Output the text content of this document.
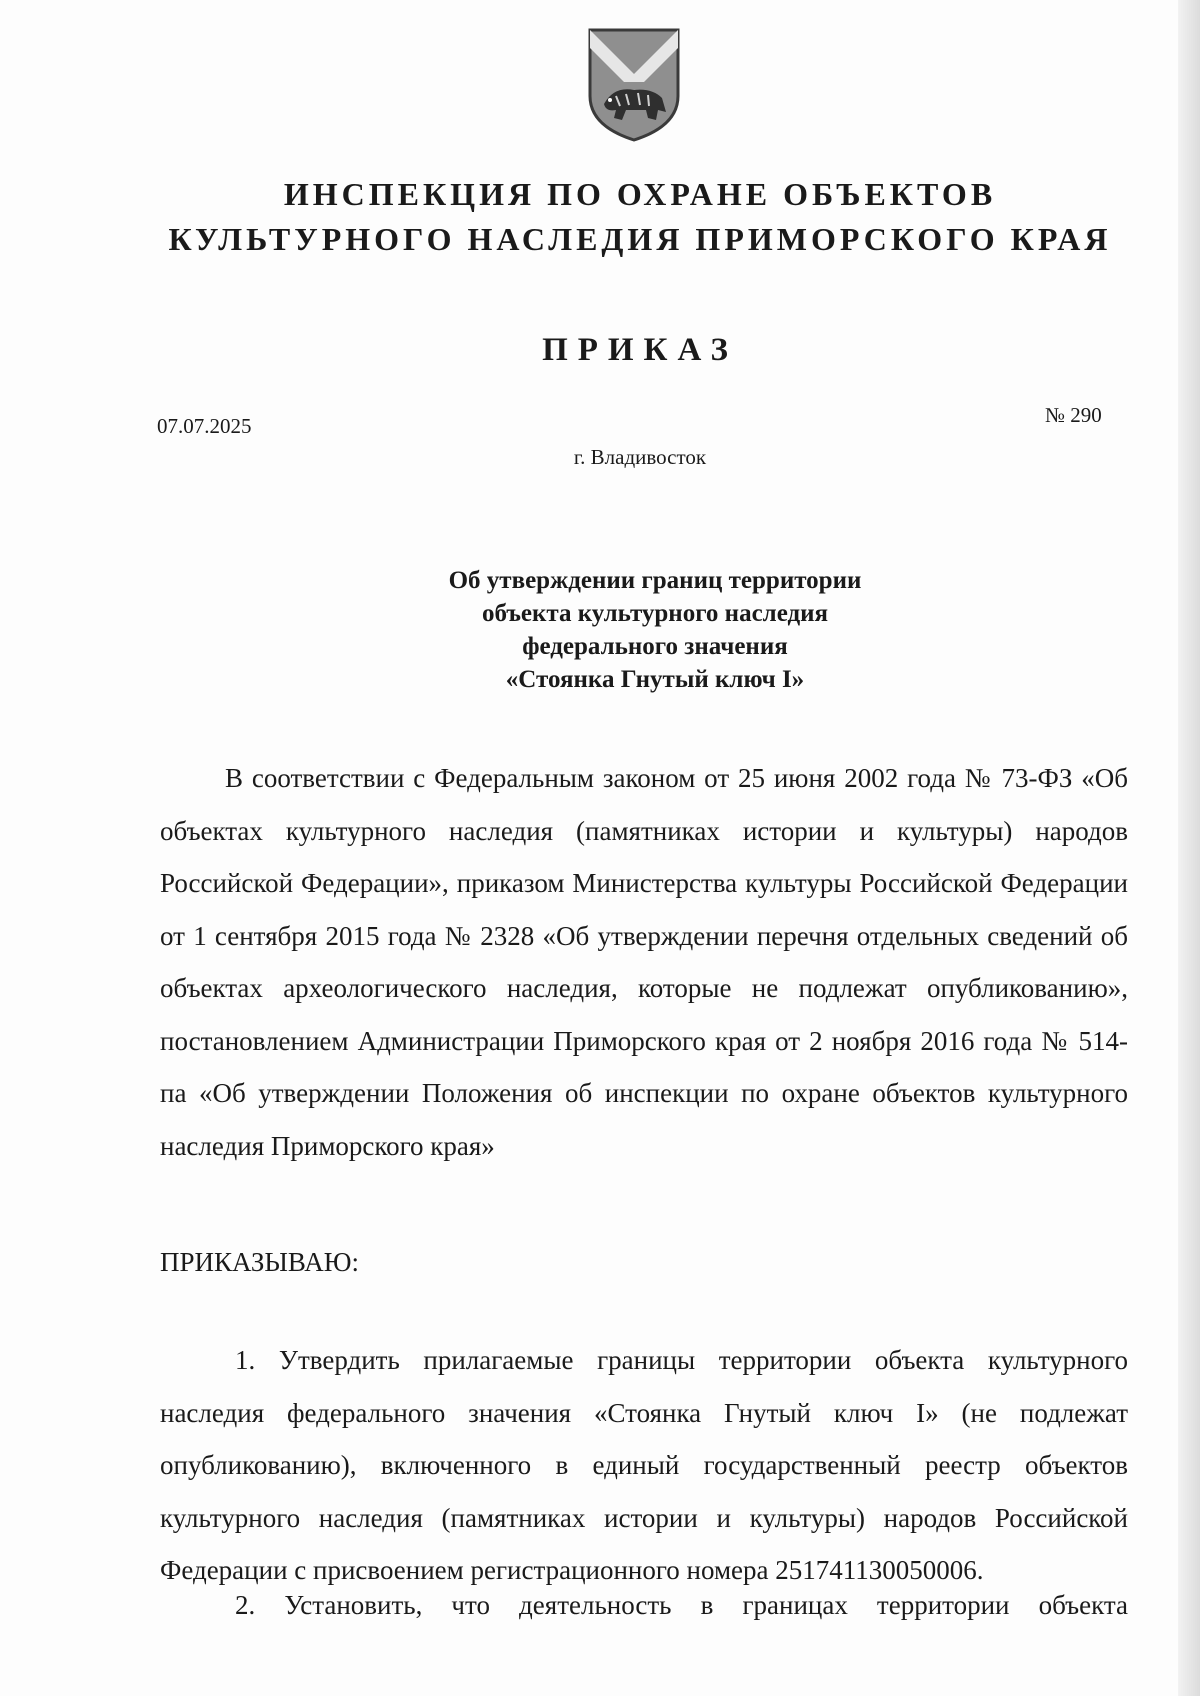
ИНСПЕКЦИЯ ПО ОХРАНЕ ОБЪЕКТОВ
КУЛЬТУРНОГО НАСЛЕДИЯ ПРИМОРСКОГО КРАЯ
ПРИКАЗ
07.07.2025	№ 290
г. Владивосток
Об утверждении границ территории
объекта культурного наследия
федерального значения
«Стоянка Гнутый ключ I»

В соответствии с Федеральным законом от 25 июня 2002 года № 73-ФЗ «Об объектах культурного наследия (памятниках истории и культуры) народов Российской Федерации», приказом Министерства культуры Российской Федерации от 1 сентября 2015 года № 2328 «Об утверждении перечня отдельных сведений об объектах археологического наследия, которые не подлежат опубликованию», постановлением Администрации Приморского края от 2 ноября 2016 года № 514-па «Об утверждении Положения об инспекции по охране объектов культурного наследия Приморского края»

ПРИКАЗЫВАЮ:

1. Утвердить прилагаемые границы территории объекта культурного наследия федерального значения «Стоянка Гнутый ключ I» (не подлежат опубликованию), включенного в единый государственный реестр объектов культурного наследия (памятниках истории и культуры) народов Российской Федерации с присвоением регистрационного номера 251741130050006.

2. Установить, что деятельность в границах территории объекта
